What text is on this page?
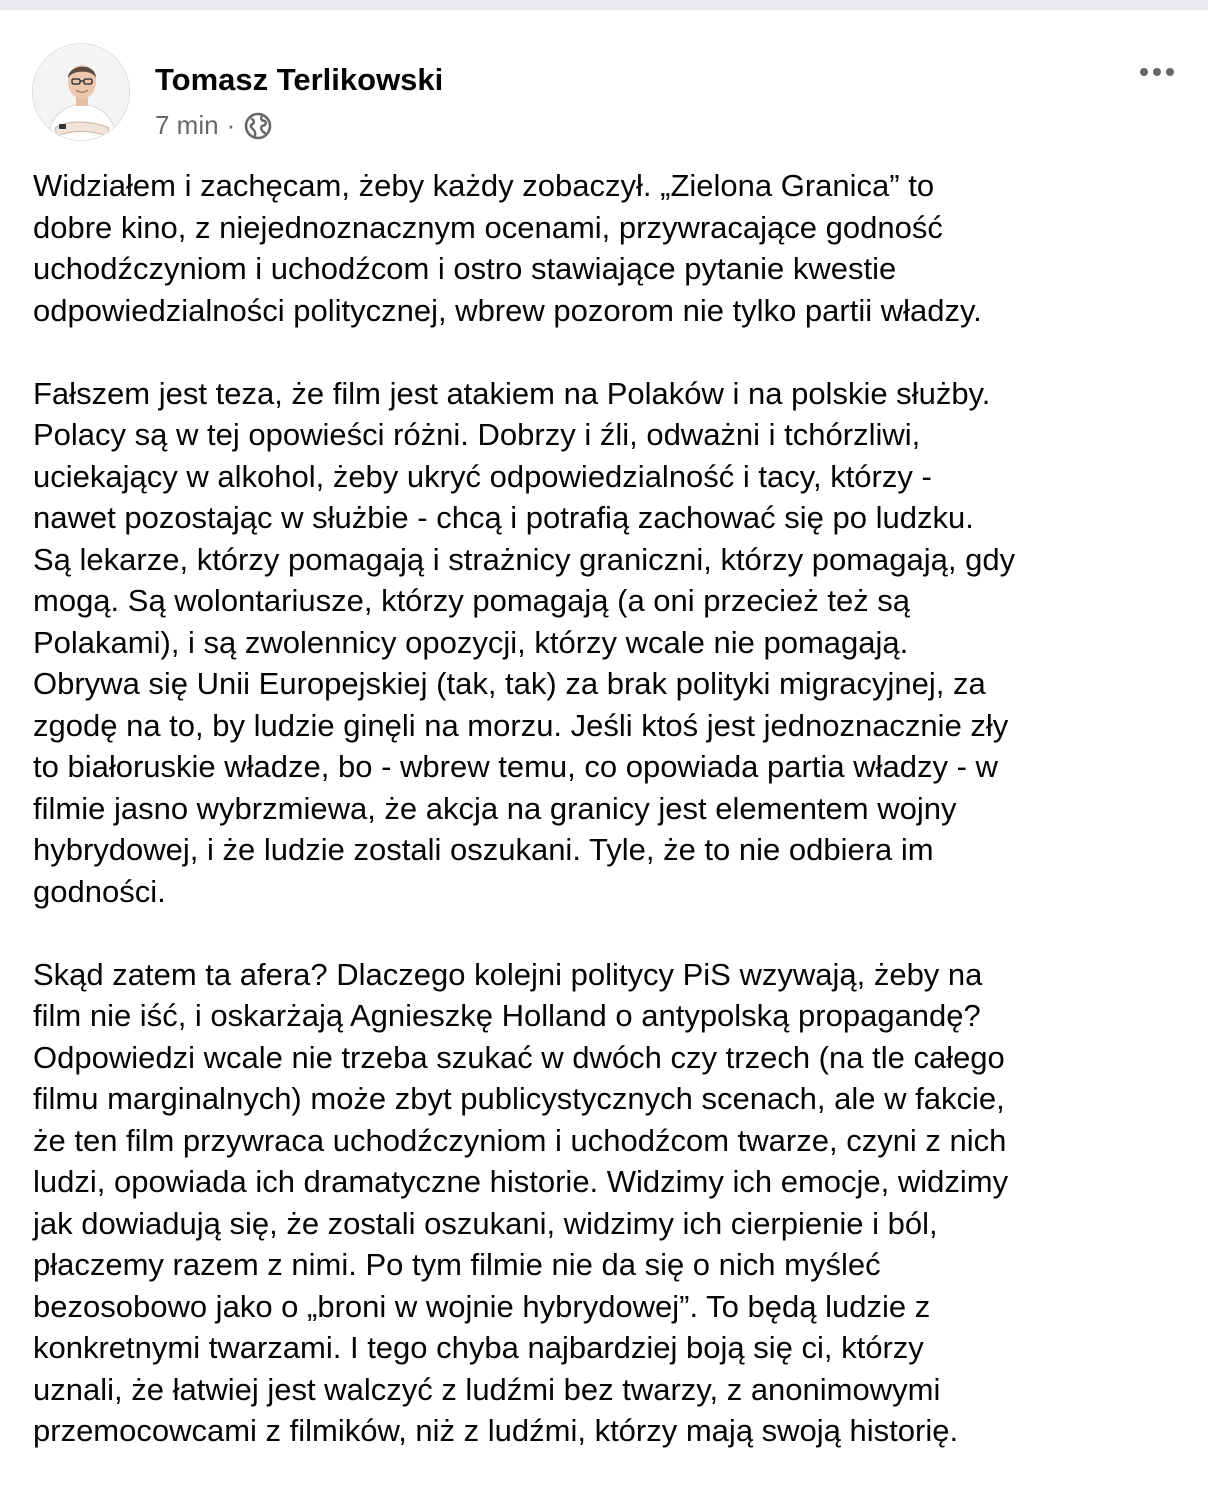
Tomasz Terlikowski
7 min ·

Widziałem i zachęcam, żeby każdy zobaczył. „Zielona Granica” to
dobre kino, z niejednoznacznym ocenami, przywracające godność
uchodźczyniom i uchodźcom i ostro stawiające pytanie kwestie
odpowiedzialności politycznej, wbrew pozorom nie tylko partii władzy.

Fałszem jest teza, że film jest atakiem na Polaków i na polskie służby.
Polacy są w tej opowieści różni. Dobrzy i źli, odważni i tchórzliwi,
uciekający w alkohol, żeby ukryć odpowiedzialność i tacy, którzy -
nawet pozostając w służbie - chcą i potrafią zachować się po ludzku.
Są lekarze, którzy pomagają i strażnicy graniczni, którzy pomagają, gdy
mogą. Są wolontariusze, którzy pomagają (a oni przecież też są
Polakami), i są zwolennicy opozycji, którzy wcale nie pomagają.
Obrywa się Unii Europejskiej (tak, tak) za brak polityki migracyjnej, za
zgodę na to, by ludzie ginęli na morzu. Jeśli ktoś jest jednoznacznie zły
to białoruskie władze, bo - wbrew temu, co opowiada partia władzy - w
filmie jasno wybrzmiewa, że akcja na granicy jest elementem wojny
hybrydowej, i że ludzie zostali oszukani. Tyle, że to nie odbiera im
godności.

Skąd zatem ta afera? Dlaczego kolejni politycy PiS wzywają, żeby na
film nie iść, i oskarżają Agnieszkę Holland o antypolską propagandę?
Odpowiedzi wcale nie trzeba szukać w dwóch czy trzech (na tle całego
filmu marginalnych) może zbyt publicystycznych scenach, ale w fakcie,
że ten film przywraca uchodźczyniom i uchodźcom twarze, czyni z nich
ludzi, opowiada ich dramatyczne historie. Widzimy ich emocje, widzimy
jak dowiadują się, że zostali oszukani, widzimy ich cierpienie i ból,
płaczemy razem z nimi. Po tym filmie nie da się o nich myśleć
bezosobowo jako o „broni w wojnie hybrydowej”. To będą ludzie z
konkretnymi twarzami. I tego chyba najbardziej boją się ci, którzy
uznali, że łatwiej jest walczyć z ludźmi bez twarzy, z anonimowymi
przemocowcami z filmików, niż z ludźmi, którzy mają swoją historię.
